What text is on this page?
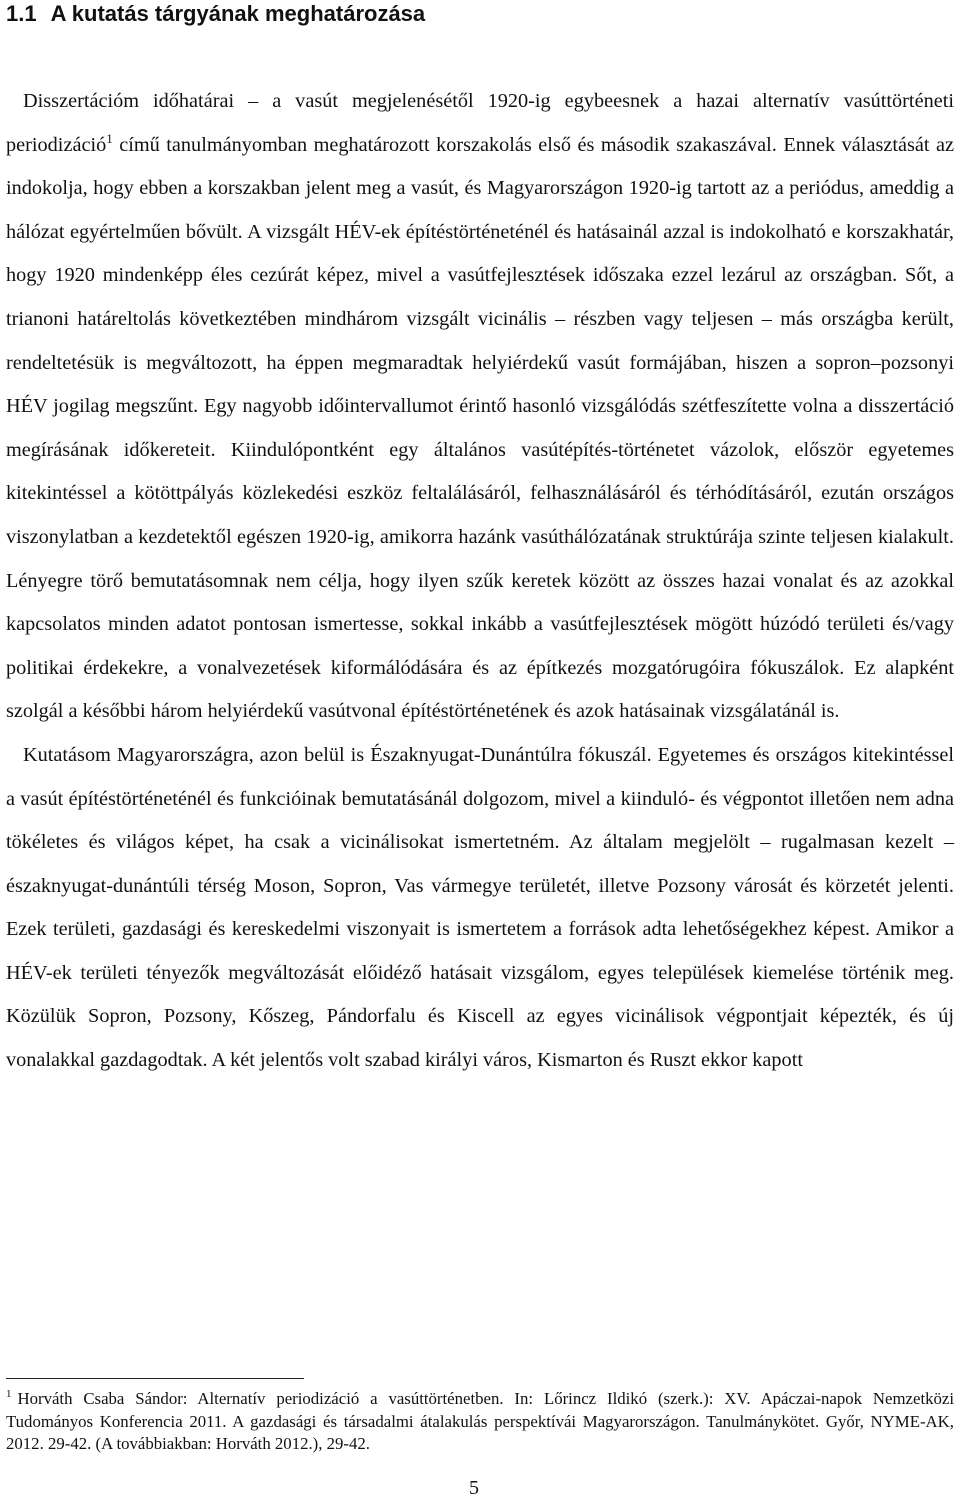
1.1 A kutatás tárgyának meghatározása

Disszertációm időhatárai – a vasút megjelenésétől 1920-ig egybeesnek a hazai alternatív vasúttörténeti periodizáció$^1$ című tanulmányomban meghatározott korszakolás első és második szakaszával. Ennek választását az indokolja, hogy ebben a korszakban jelent meg a vasút, és Magyarországon 1920-ig tartott az a periódus, ameddig a hálózat egyértelműen bővült. A vizsgált HÉV-ek építéstörténeténél és hatásainál azzal is indokolható e korszakhatár, hogy 1920 mindenképp éles cezúrát képez, mivel a vasútfejlesztések időszaka ezzel lezárul az országban. Sőt, a trianoni határeltolás következtében mindhárom vizsgált vicinális – részben vagy teljesen – más országba került, rendeltetésük is megváltozott, ha éppen megmaradtak helyiérdekű vasút formájában, hiszen a sopron–pozsonyi HÉV jogilag megszűnt. Egy nagyobb időintervallumot érintő hasonló vizsgálódás szétfeszítette volna a disszertáció megírásának időkereteit. Kiindulópontként egy általános vasútépítés-történetet vázolok, először egyetemes kitekintéssel a kötöttpályás közlekedési eszköz feltalálásáról, felhasználásáról és térhódításáról, ezután országos viszonylatban a kezdetektől egészen 1920-ig, amikorra hazánk vasúthálózatának struktúrája szinte teljesen kialakult. Lényegre törő bemutatásomnak nem célja, hogy ilyen szűk keretek között az összes hazai vonalat és az azokkal kapcsolatos minden adatot pontosan ismertesse, sokkal inkább a vasútfejlesztések mögött húzódó területi és/vagy politikai érdekekre, a vonalvezetések kiformálódására és az építkezés mozgatórugóira fókuszálok. Ez alapként szolgál a későbbi három helyiérdekű vasútvonal építéstörténetének és azok hatásainak vizsgálatánál is.

Kutatásom Magyarországra, azon belül is Északnyugat-Dunántúlra fókuszál. Egyetemes és országos kitekintéssel a vasút építéstörténeténél és funkcióinak bemutatásánál dolgozom, mivel a kiinduló- és végpontot illetően nem adna tökéletes és világos képet, ha csak a vicinálisokat ismertetném. Az általam megjelölt – rugalmasan kezelt – északnyugat-dunántúli térség Moson, Sopron, Vas vármegye területét, illetve Pozsony városát és körzetét jelenti. Ezek területi, gazdasági és kereskedelmi viszonyait is ismertetem a források adta lehetőségekhez képest. Amikor a HÉV-ek területi tényezők megváltozását előidéző hatásait vizsgálom, egyes települések kiemelése történik meg. Közülük Sopron, Pozsony, Kőszeg, Pándorfalu és Kiscell az egyes vicinálisok végpontjait képezték, és új vonalakkal gazdagodtak. A két jelentős volt szabad királyi város, Kismarton és Ruszt ekkor kapott

$^1$ Horváth Csaba Sándor: Alternatív periodizáció a vasúttörténetben. In: Lőrincz Ildikó (szerk.): XV. Apáczai-napok Nemzetközi Tudományos Konferencia 2011. A gazdasági és társadalmi átalakulás perspektívái Magyarországon. Tanulmánykötet. Győr, NYME-AK, 2012. 29-42. (A továbbiakban: Horváth 2012.), 29-42.
5
